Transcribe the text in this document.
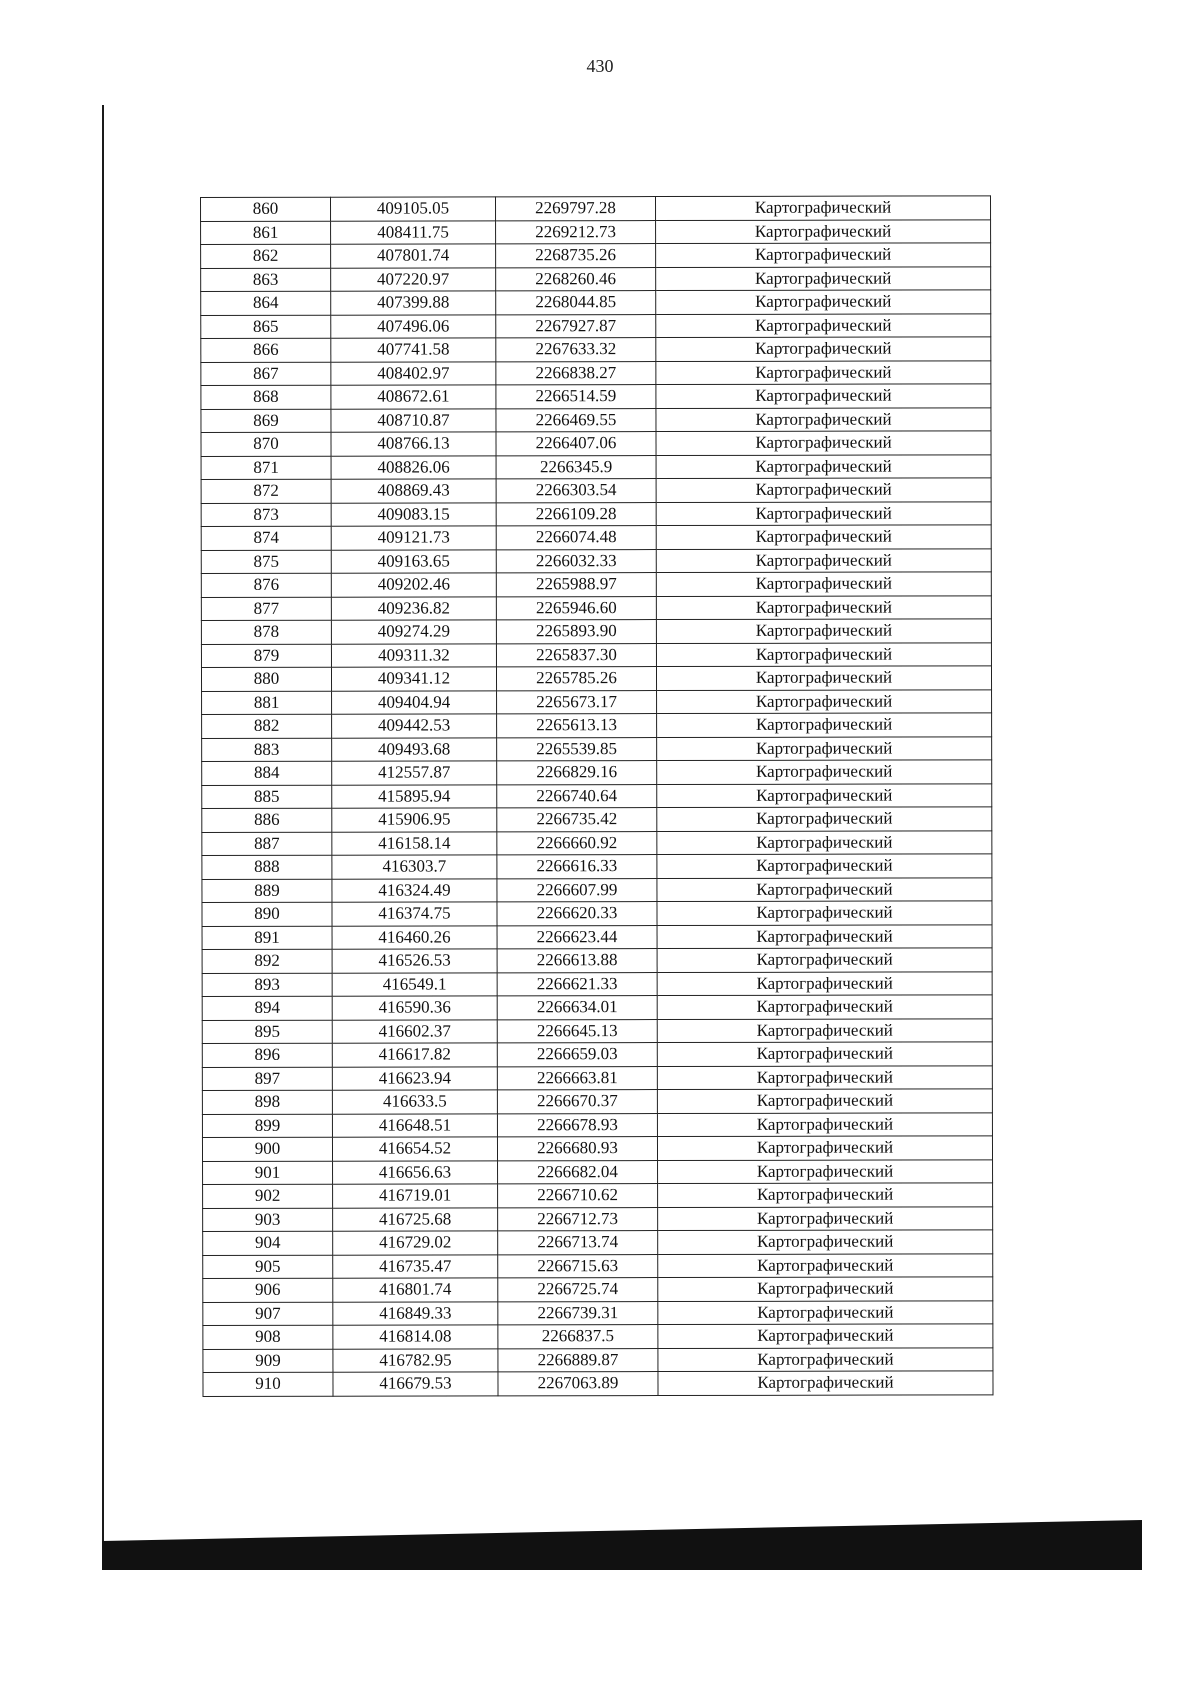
430
860	409105.05	2269797.28	Картографический
861	408411.75	2269212.73	Картографический
862	407801.74	2268735.26	Картографический
863	407220.97	2268260.46	Картографический
864	407399.88	2268044.85	Картографический
865	407496.06	2267927.87	Картографический
866	407741.58	2267633.32	Картографический
867	408402.97	2266838.27	Картографический
868	408672.61	2266514.59	Картографический
869	408710.87	2266469.55	Картографический
870	408766.13	2266407.06	Картографический
871	408826.06	2266345.9	Картографический
872	408869.43	2266303.54	Картографический
873	409083.15	2266109.28	Картографический
874	409121.73	2266074.48	Картографический
875	409163.65	2266032.33	Картографический
876	409202.46	2265988.97	Картографический
877	409236.82	2265946.60	Картографический
878	409274.29	2265893.90	Картографический
879	409311.32	2265837.30	Картографический
880	409341.12	2265785.26	Картографический
881	409404.94	2265673.17	Картографический
882	409442.53	2265613.13	Картографический
883	409493.68	2265539.85	Картографический
884	412557.87	2266829.16	Картографический
885	415895.94	2266740.64	Картографический
886	415906.95	2266735.42	Картографический
887	416158.14	2266660.92	Картографический
888	416303.7	2266616.33	Картографический
889	416324.49	2266607.99	Картографический
890	416374.75	2266620.33	Картографический
891	416460.26	2266623.44	Картографический
892	416526.53	2266613.88	Картографический
893	416549.1	2266621.33	Картографический
894	416590.36	2266634.01	Картографический
895	416602.37	2266645.13	Картографический
896	416617.82	2266659.03	Картографический
897	416623.94	2266663.81	Картографический
898	416633.5	2266670.37	Картографический
899	416648.51	2266678.93	Картографический
900	416654.52	2266680.93	Картографический
901	416656.63	2266682.04	Картографический
902	416719.01	2266710.62	Картографический
903	416725.68	2266712.73	Картографический
904	416729.02	2266713.74	Картографический
905	416735.47	2266715.63	Картографический
906	416801.74	2266725.74	Картографический
907	416849.33	2266739.31	Картографический
908	416814.08	2266837.5	Картографический
909	416782.95	2266889.87	Картографический
910	416679.53	2267063.89	Картографический
